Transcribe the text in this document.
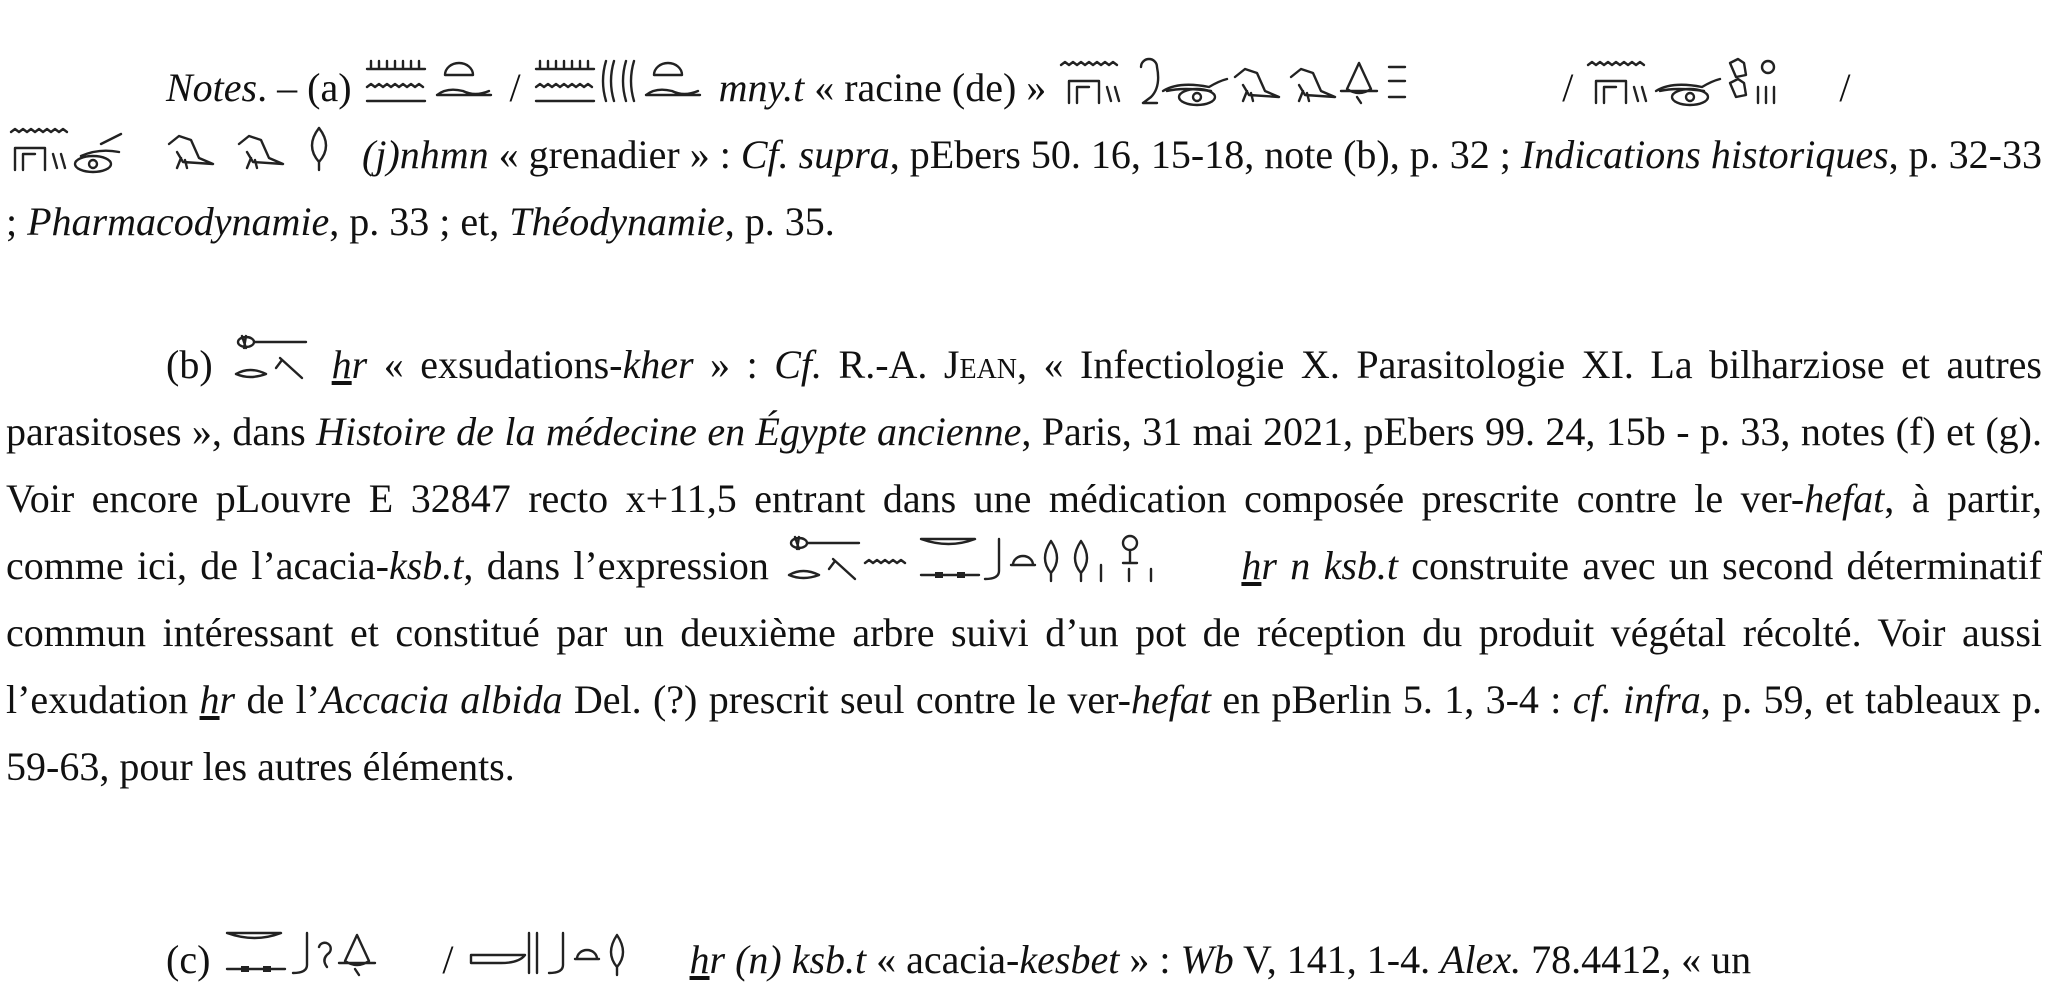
Notes. – (a)	/	mny.t « racine (de) »	/	/

(j)nhmn « grenadier » : Cf. supra, pEbers 50. 16, 15-18, note (b), p. 32 ; Indications historiques, p. 32-33 ; Pharmacodynamie, p. 33 ; et, Théodynamie, p. 35.

(b)	hr « exsudations-kher » : Cf. R.-A. Jean, « Infectiologie X. Parasitologie XI. La bilharziose et autres parasitoses », dans Histoire de la médecine en Égypte ancienne, Paris, 31 mai 2021, pEbers 99. 24, 15b - p. 33, notes (f) et (g). Voir encore pLouvre E 32847 recto x+11,5 entrant dans une médication composée prescrite contre le ver-hefat, à partir, comme ici, de l’acacia-ksb.t, dans l’expression	hr n ksb.t construite avec un second déterminatif commun intéressant et constitué par un deuxième arbre suivi d’un pot de réception du produit végétal récolté. Voir aussi l’exudation hr de l’Accacia albida Del. (?) prescrit seul contre le ver-hefat en pBerlin 5. 1, 3-4 : cf. infra, p. 59, et tableaux p. 59-63, pour les autres éléments.

(c)	/	hr (n) ksb.t « acacia-kesbet » : Wb V, 141, 1-4. Alex. 78.4412, « un
